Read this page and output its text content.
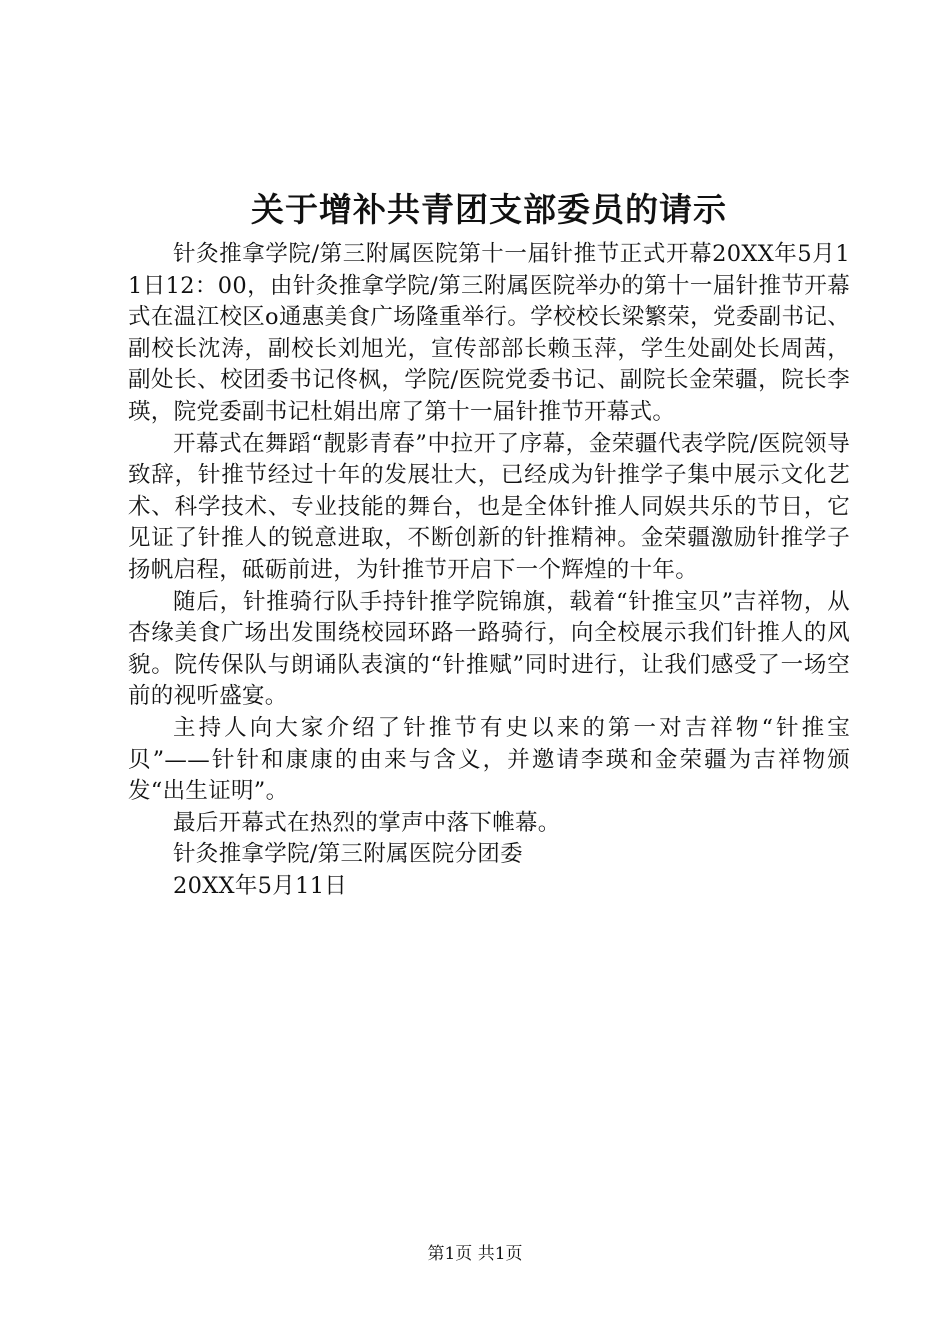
关于增补共青团支部委员的请示

针灸推拿学院/第三附属医院第十一届针推节正式开幕20XX年5月11日12：00，由针灸推拿学院/第三附属医院举办的第十一届针推节开幕式在温江校区o通惠美食广场隆重举行。学校校长梁繁荣，党委副书记、副校长沈涛，副校长刘旭光，宣传部部长赖玉萍，学生处副处长周茜，副处长、校团委书记佟枫，学院/医院党委书记、副院长金荣疆，院长李瑛，院党委副书记杜娟出席了第十一届针推节开幕式。

开幕式在舞蹈“靓影青春”中拉开了序幕，金荣疆代表学院/医院领导致辞，针推节经过十年的发展壮大，已经成为针推学子集中展示文化艺术、科学技术、专业技能的舞台，也是全体针推人同娱共乐的节日，它见证了针推人的锐意进取，不断创新的针推精神。金荣疆激励针推学子扬帆启程，砥砺前进，为针推节开启下一个辉煌的十年。

随后，针推骑行队手持针推学院锦旗，载着“针推宝贝”吉祥物，从杏缘美食广场出发围绕校园环路一路骑行，向全校展示我们针推人的风貌。院传保队与朗诵队表演的“针推赋”同时进行，让我们感受了一场空前的视听盛宴。

主持人向大家介绍了针推节有史以来的第一对吉祥物“针推宝贝”——针针和康康的由来与含义，并邀请李瑛和金荣疆为吉祥物颁发“出生证明”。

最后开幕式在热烈的掌声中落下帷幕。

针灸推拿学院/第三附属医院分团委

20XX年5月11日

第1页 共1页
